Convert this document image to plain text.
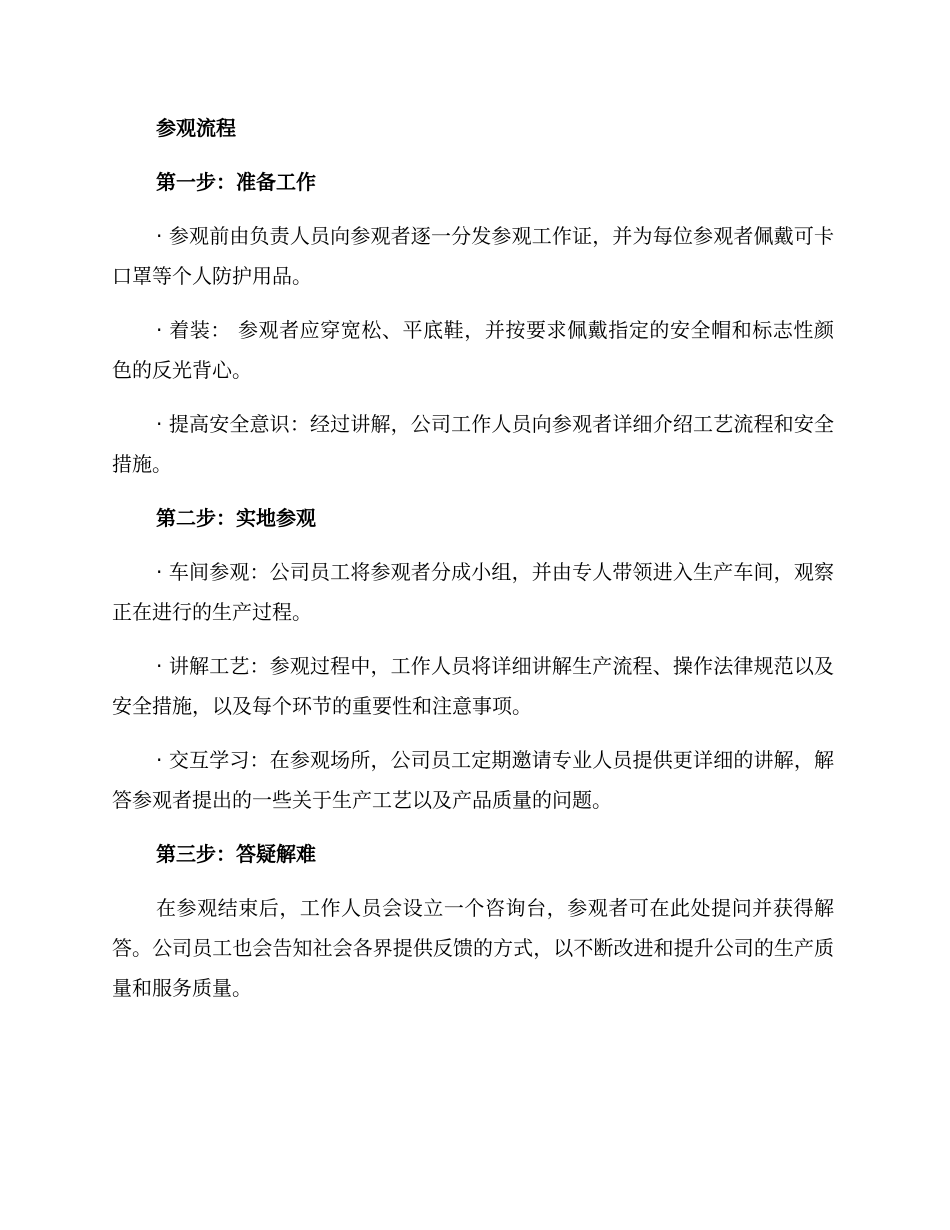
参观流程

第一步：准备工作

· 参观前由负责人员向参观者逐一分发参观工作证，并为每位参观者佩戴可卡口罩等个人防护用品。

· 着装： 参观者应穿宽松、平底鞋，并按要求佩戴指定的安全帽和标志性颜色的反光背心。

· 提高安全意识：经过讲解，公司工作人员向参观者详细介绍工艺流程和安全措施。

第二步：实地参观

· 车间参观：公司员工将参观者分成小组，并由专人带领进入生产车间，观察正在进行的生产过程。

· 讲解工艺：参观过程中，工作人员将详细讲解生产流程、操作法律规范以及安全措施，以及每个环节的重要性和注意事项。

· 交互学习：在参观场所，公司员工定期邀请专业人员提供更详细的讲解，解答参观者提出的一些关于生产工艺以及产品质量的问题。

第三步：答疑解难

在参观结束后，工作人员会设立一个咨询台，参观者可在此处提问并获得解答。公司员工也会告知社会各界提供反馈的方式，以不断改进和提升公司的生产质量和服务质量。
